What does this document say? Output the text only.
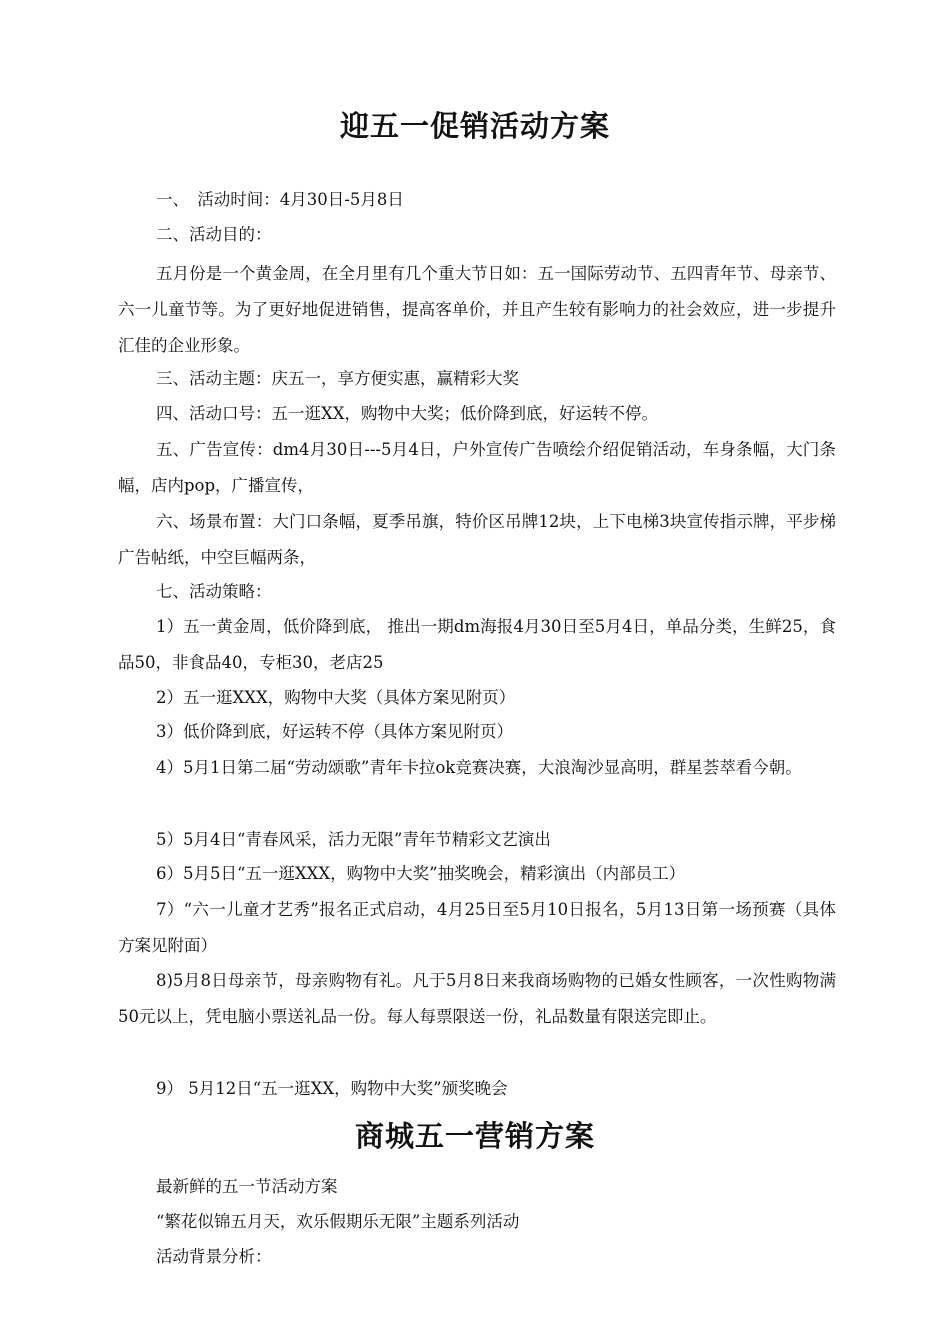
迎五一促销活动方案
一、　活动时间：4月30日-5月8日
二、活动目的：
五月份是一个黄金周，在全月里有几个重大节日如：五一国际劳动节、五四青年节、母亲节、六一儿童节等。为了更好地促进销售，提高客单价，并且产生较有影响力的社会效应，进一步提升汇佳的企业形象。
三、活动主题：庆五一，享方便实惠，赢精彩大奖
四、活动口号：五一逛XX，购物中大奖；低价降到底，好运转不停。
五、广告宣传：dm4月30日---5月4日，户外宣传广告喷绘介绍促销活动，车身条幅，大门条幅，店内pop，广播宣传，
六、场景布置：大门口条幅，夏季吊旗，特价区吊牌12块，上下电梯3块宣传指示牌，平步梯广告帖纸，中空巨幅两条，
七、活动策略：
1）五一黄金周，低价降到底， 推出一期dm海报4月30日至5月4日，单品分类，生鲜25，食品50，非食品40，专柜30，老店25
2）五一逛XXX，购物中大奖（具体方案见附页）
3）低价降到底，好运转不停（具体方案见附页）
4）5月1日第二届“劳动颂歌”青年卡拉ok竞赛决赛，大浪淘沙显高明，群星荟萃看今朝。
5）5月4日“青春风采，活力无限”青年节精彩文艺演出
6）5月5日“五一逛XXX，购物中大奖”抽奖晚会，精彩演出（内部员工）
7）“六一儿童才艺秀”报名正式启动，4月25日至5月10日报名，5月13日第一场预赛（具体方案见附面）
8)5月8日母亲节，母亲购物有礼。凡于5月8日来我商场购物的已婚女性顾客，一次性购物满50元以上，凭电脑小票送礼品一份。每人每票限送一份，礼品数量有限送完即止。
9） 5月12日“五一逛XX，购物中大奖”颁奖晚会
商城五一营销方案
最新鲜的五一节活动方案
“繁花似锦五月天，欢乐假期乐无限”主题系列活动
活动背景分析：
